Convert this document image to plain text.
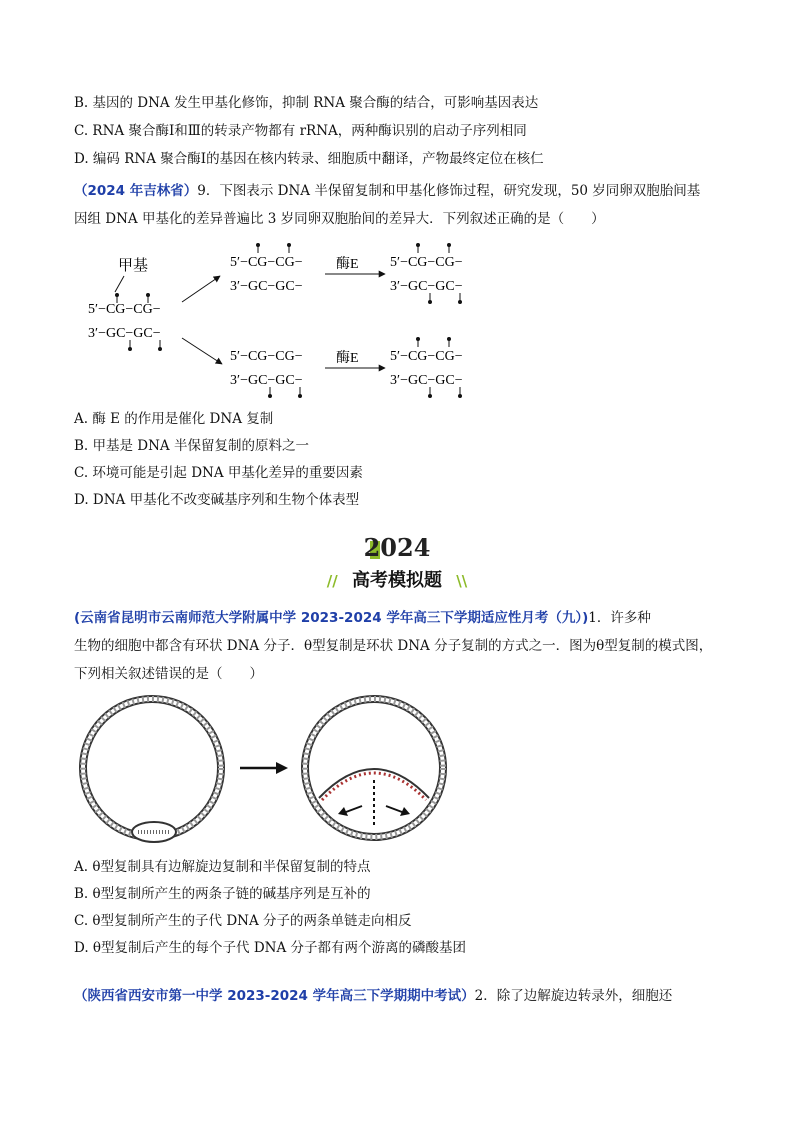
B. 基因的 DNA 发生甲基化修饰，抑制 RNA 聚合酶的结合，可影响基因表达
C. RNA 聚合酶Ⅰ和Ⅲ的转录产物都有 rRNA，两种酶识别的启动子序列相同
D. 编码 RNA 聚合酶Ⅰ的基因在核内转录、细胞质中翻译，产物最终定位在核仁
（2024 年吉林省）9．下图表示 DNA 半保留复制和甲基化修饰过程，研究发现，50 岁同卵双胞胎间基
因组 DNA 甲基化的差异普遍比 3 岁同卵双胞胎间的差异大．下列叙述正确的是（　　）
甲基
5′−CG−CG−
3′−GC−GC−
5′−CG−CG−
3′−GC−GC−
酶E 5′−CG−CG−
3′−GC−GC−
5′−CG−CG−
3′−GC−GC−
酶E 5′−CG−CG−
3′−GC−GC−
A. 酶 E 的作用是催化 DNA 复制
B. 甲基是 DNA 半保留复制的原料之一
C. 环境可能是引起 DNA 甲基化差异的重要因素
D. DNA 甲基化不改变碱基序列和生物个体表型
2024
// 高考模拟题 \\
(云南省昆明市云南师范大学附属中学 2023-2024 学年高三下学期适应性月考（九）)1．许多种
生物的细胞中都含有环状 DNA 分子．θ型复制是环状 DNA 分子复制的方式之一．图为θ型复制的模式图，
下列相关叙述错误的是（　　）
A. θ型复制具有边解旋边复制和半保留复制的特点
B. θ型复制所产生的两条子链的碱基序列是互补的
C. θ型复制所产生的子代 DNA 分子的两条单链走向相反
D. θ型复制后产生的每个子代 DNA 分子都有两个游离的磷酸基团
（陕西省西安市第一中学 2023-2024 学年高三下学期期中考试）2．除了边解旋边转录外，细胞还
